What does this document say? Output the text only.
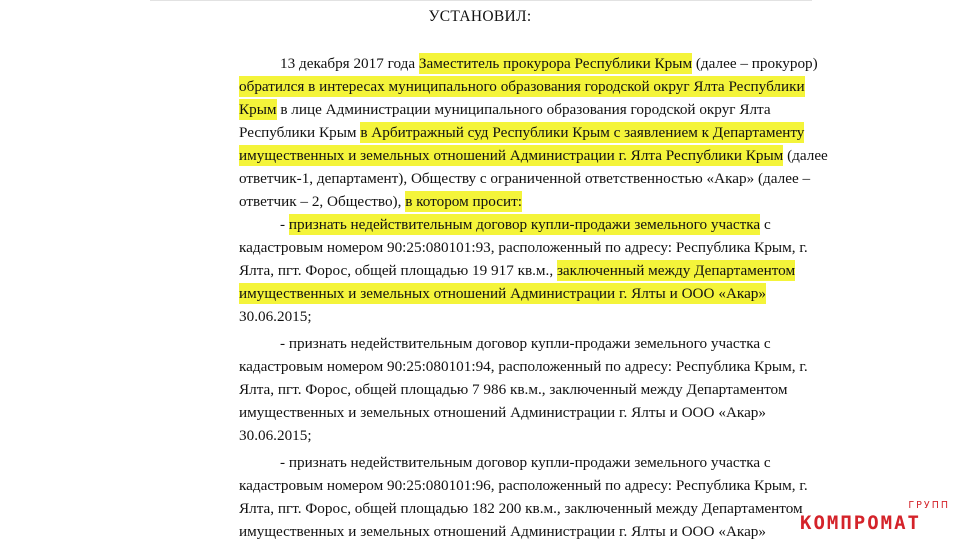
УСТАНОВИЛ:
13 декабря 2017 года Заместитель прокурора Республики Крым (далее – прокурор)
обратился в интересах муниципального образования городской округ Ялта Республики
Крым в лице Администрации муниципального образования городской округ Ялта
Республики Крым в Арбитражный суд Республики Крым с заявлением к Департаменту
имущественных и земельных отношений Администрации г. Ялта Республики Крым (далее
ответчик-1, департамент), Обществу с ограниченной ответственностью «Акар» (далее –
ответчик – 2, Общество), в котором просит:
- признать недействительным договор купли-продажи земельного участка с
кадастровым номером 90:25:080101:93, расположенный по адресу: Республика Крым, г.
Ялта, пгт. Форос, общей площадью 19 917 кв.м., заключенный между Департаментом
имущественных и земельных отношений Администрации г. Ялты и ООО «Акар»
30.06.2015;
- признать недействительным договор купли-продажи земельного участка с
кадастровым номером 90:25:080101:94, расположенный по адресу: Республика Крым, г.
Ялта, пгт. Форос, общей площадью 7 986 кв.м., заключенный между Департаментом
имущественных и земельных отношений Администрации г. Ялты и ООО «Акар»
30.06.2015;
- признать недействительным договор купли-продажи земельного участка с
кадастровым номером 90:25:080101:96, расположенный по адресу: Республика Крым, г.
Ялта, пгт. Форос, общей площадью 182 200 кв.м., заключенный между Департаментом
имущественных и земельных отношений Администрации г. Ялты и ООО «Акар»
ГРУПП
КОМПРОМАТ
